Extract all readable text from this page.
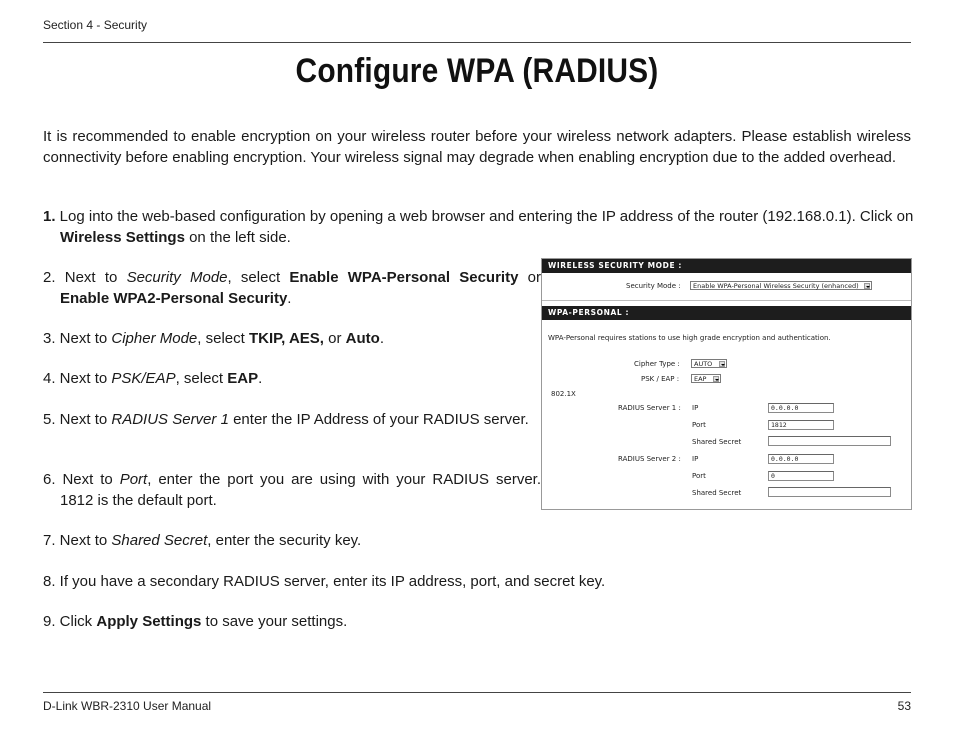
Section 4 - Security
Configure WPA (RADIUS)

It is recommended to enable encryption on your wireless router before your wireless network adapters. Please establish wireless connectivity before enabling encryption. Your wireless signal may degrade when enabling encryption due to the added overhead.

1. Log into the web-based configuration by opening a web browser and entering the IP address of the router (192.168.0.1). Click on Wireless Settings on the left side.

2. Next to Security Mode, select Enable WPA-Personal Security or Enable WPA2-Personal Security.

3. Next to Cipher Mode, select TKIP, AES, or Auto.

4. Next to PSK/EAP, select EAP.

5. Next to RADIUS Server 1 enter the IP Address of your RADIUS server.

6. Next to Port, enter the port you are using with your RADIUS server. 1812 is the default port.

7. Next to Shared Secret, enter the security key.

8. If you have a secondary RADIUS server, enter its IP address, port, and secret key.

9. Click Apply Settings to save your settings.

WIRELESS SECURITY MODE :
Security Mode :	Enable WPA-Personal Wireless Security (enhanced)
WPA-PERSONAL :
WPA-Personal requires stations to use high grade encryption and authentication.
Cipher Type :	AUTO
PSK / EAP :	EAP
802.1X
RADIUS Server 1 : IP	0.0.0.0
Port	1812
Shared Secret
RADIUS Server 2 : IP	0.0.0.0
Port	0
Shared Secret
D-Link WBR-2310 User Manual	53
